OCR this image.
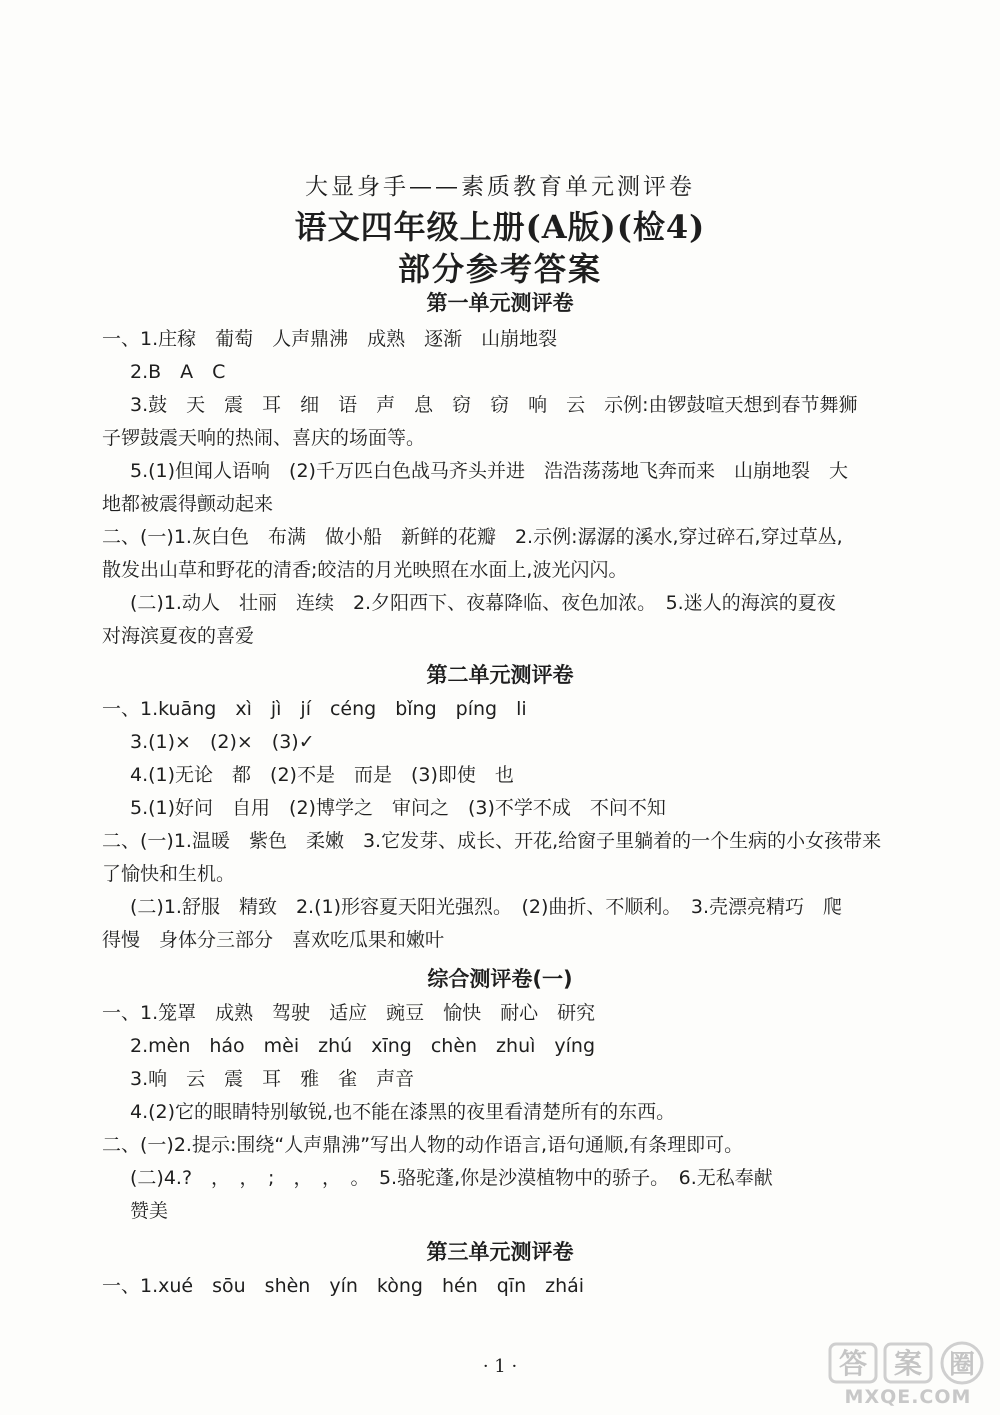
大显身手——素质教育单元测评卷
语文四年级上册(A版)(检4)
部分参考答案
第一单元测评卷
一、1.庄稼　葡萄　人声鼎沸　成熟　逐渐　山崩地裂
2.B　A　C
3.鼓　天　震　耳　细　语　声　息　窃　窃　响　云　示例:由锣鼓喧天想到春节舞狮
子锣鼓震天响的热闹、喜庆的场面等。
5.(1)但闻人语响　(2)千万匹白色战马齐头并进　浩浩荡荡地飞奔而来　山崩地裂　大
地都被震得颤动起来
二、(一)1.灰白色　布满　做小船　新鲜的花瓣　2.示例:潺潺的溪水,穿过碎石,穿过草丛,
散发出山草和野花的清香;皎洁的月光映照在水面上,波光闪闪。
(二)1.动人　壮丽　连续　2.夕阳西下、夜幕降临、夜色加浓。　5.迷人的海滨的夏夜
对海滨夏夜的喜爱
第二单元测评卷
一、1.kuāng　xì　jì　jí　céng　bǐng　píng　li
3.(1)×　(2)×　(3)✓
4.(1)无论　都　(2)不是　而是　(3)即使　也
5.(1)好问　自用　(2)博学之　审问之　(3)不学不成　不问不知
二、(一)1.温暖　紫色　柔嫩　3.它发芽、成长、开花,给窗子里躺着的一个生病的小女孩带来
了愉快和生机。
(二)1.舒服　精致　2.(1)形容夏天阳光强烈。　(2)曲折、不顺利。　3.壳漂亮精巧　爬
得慢　身体分三部分　喜欢吃瓜果和嫩叶
综合测评卷(一)
一、1.笼罩　成熟　驾驶　适应　豌豆　愉快　耐心　研究
2.mèn　háo　mèi　zhú　xīng　chèn　zhuì　yíng
3.响　云　震　耳　雅　雀　声音
4.(2)它的眼睛特别敏锐,也不能在漆黑的夜里看清楚所有的东西。
二、(一)2.提示:围绕“人声鼎沸”写出人物的动作语言,语句通顺,有条理即可。
(二)4.?　，　，　;　，　，　。　5.骆驼蓬,你是沙漠植物中的骄子。　6.无私奉献
赞美
第三单元测评卷
一、1.xué　sōu　shèn　yín　kòng　hén　qīn　zhái
· 1 ·	答 案 圈
MXQE.COM
